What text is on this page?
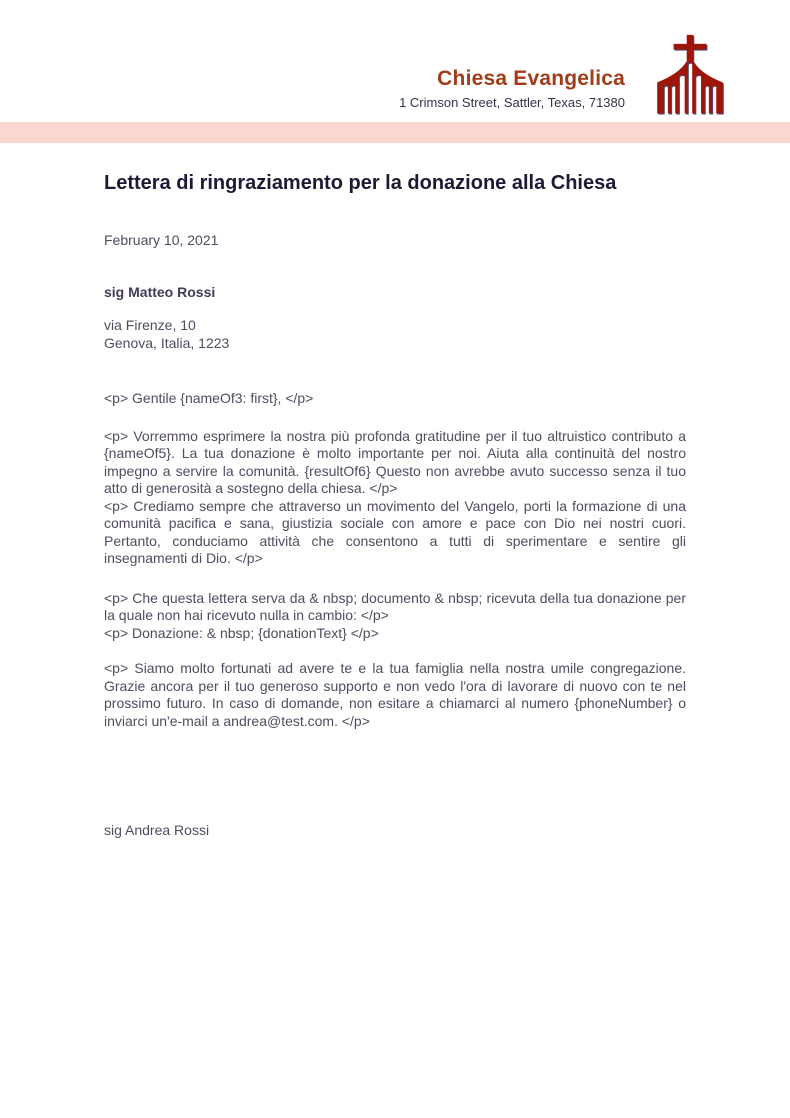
Chiesa Evangelica
1 Crimson Street, Sattler, Texas, 71380
Lettera di ringraziamento per la donazione alla Chiesa
February 10, 2021
sig Matteo Rossi
via Firenze, 10
Genova, Italia, 1223

<p> Gentile {nameOf3: first}, </p>

<p> Vorremmo esprimere la nostra più profonda gratitudine per il tuo altruistico contributo a {nameOf5}. La tua donazione è molto importante per noi. Aiuta alla continuità del nostro impegno a servire la comunità. {resultOf6} Questo non avrebbe avuto successo senza il tuo atto di generosità a sostegno della chiesa. </p>

<p> Crediamo sempre che attraverso un movimento del Vangelo, porti la formazione di una comunità pacifica e sana, giustizia sociale con amore e pace con Dio nei nostri cuori. Pertanto, conduciamo attività che consentono a tutti di sperimentare e sentire gli insegnamenti di Dio. </p>

<p> Che questa lettera serva da & nbsp; documento & nbsp; ricevuta della tua donazione per la quale non hai ricevuto nulla in cambio: </p>

<p> Donazione: & nbsp; {donationText} </p>

<p> Siamo molto fortunati ad avere te e la tua famiglia nella nostra umile congregazione. Grazie ancora per il tuo generoso supporto e non vedo l'ora di lavorare di nuovo con te nel prossimo futuro. In caso di domande, non esitare a chiamarci al numero {phoneNumber} o inviarci un'e-mail a andrea@test.com. </p>

sig Andrea Rossi
